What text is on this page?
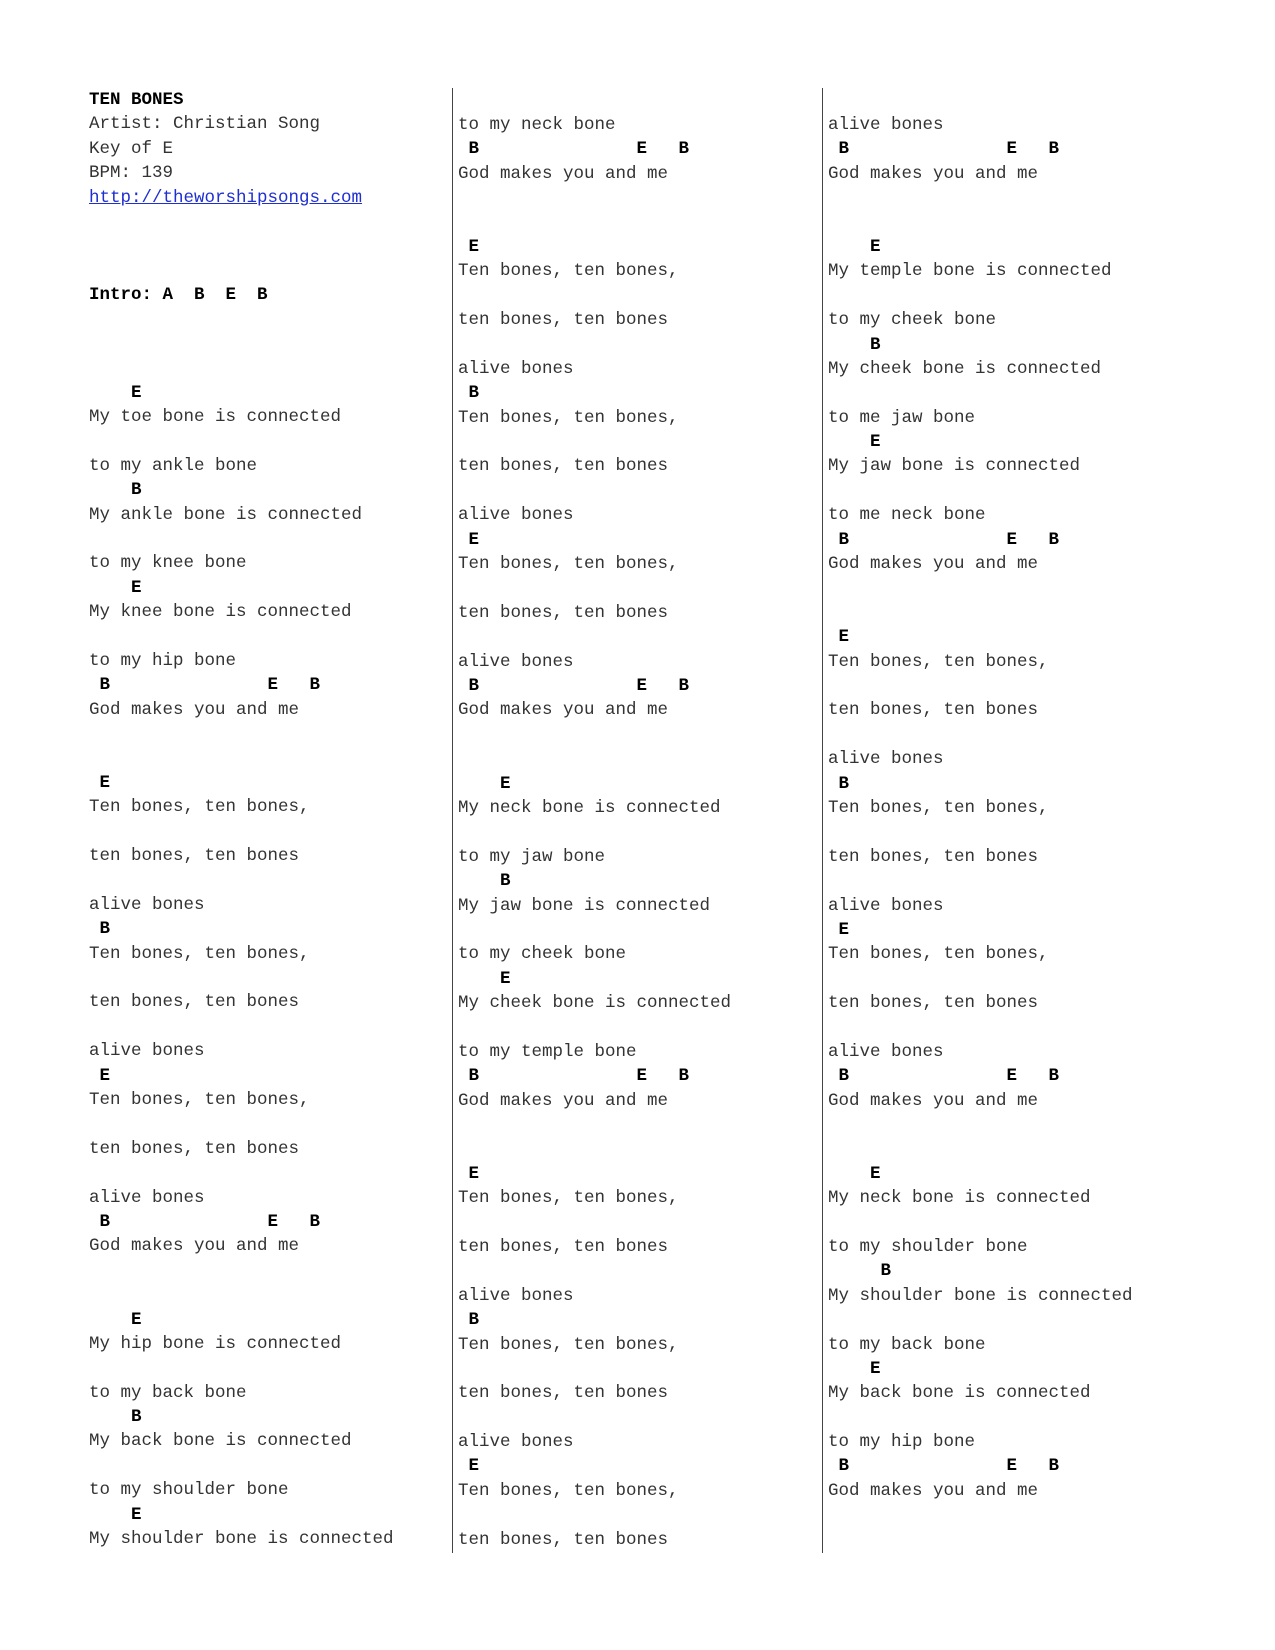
TEN BONES
Artist: Christian Song
Key of E
BPM: 139
http://theworshipsongs.com
Intro: A  B  E  B
E
My toe bone is connected
to my ankle bone
B
My ankle bone is connected
to my knee bone
E
My knee bone is connected
to my hip bone
B               E   B
God makes you and me
E
Ten bones, ten bones,
ten bones, ten bones
alive bones
B
Ten bones, ten bones,
ten bones, ten bones
alive bones
E
Ten bones, ten bones,
ten bones, ten bones
alive bones
B               E   B
God makes you and me
E
My hip bone is connected
to my back bone
B
My back bone is connected
to my shoulder bone
E
My shoulder bone is connected
to my neck bone
B               E   B
God makes you and me
E
Ten bones, ten bones,
ten bones, ten bones
alive bones
B
Ten bones, ten bones,
ten bones, ten bones
alive bones
E
Ten bones, ten bones,
ten bones, ten bones
alive bones
B               E   B
God makes you and me
E
My neck bone is connected
to my jaw bone
B
My jaw bone is connected
to my cheek bone
E
My cheek bone is connected
to my temple bone
B               E   B
God makes you and me
E
Ten bones, ten bones,
ten bones, ten bones
alive bones
B
Ten bones, ten bones,
ten bones, ten bones
alive bones
E
Ten bones, ten bones,
ten bones, ten bones
alive bones
B               E   B
God makes you and me
E
My temple bone is connected
to my cheek bone
B
My cheek bone is connected
to me jaw bone
E
My jaw bone is connected
to me neck bone
B               E   B
God makes you and me
E
Ten bones, ten bones,
ten bones, ten bones
alive bones
B
Ten bones, ten bones,
ten bones, ten bones
alive bones
E
Ten bones, ten bones,
ten bones, ten bones
alive bones
B               E   B
God makes you and me
E
My neck bone is connected
to my shoulder bone
B
My shoulder bone is connected
to my back bone
E
My back bone is connected
to my hip bone
B               E   B
God makes you and me
